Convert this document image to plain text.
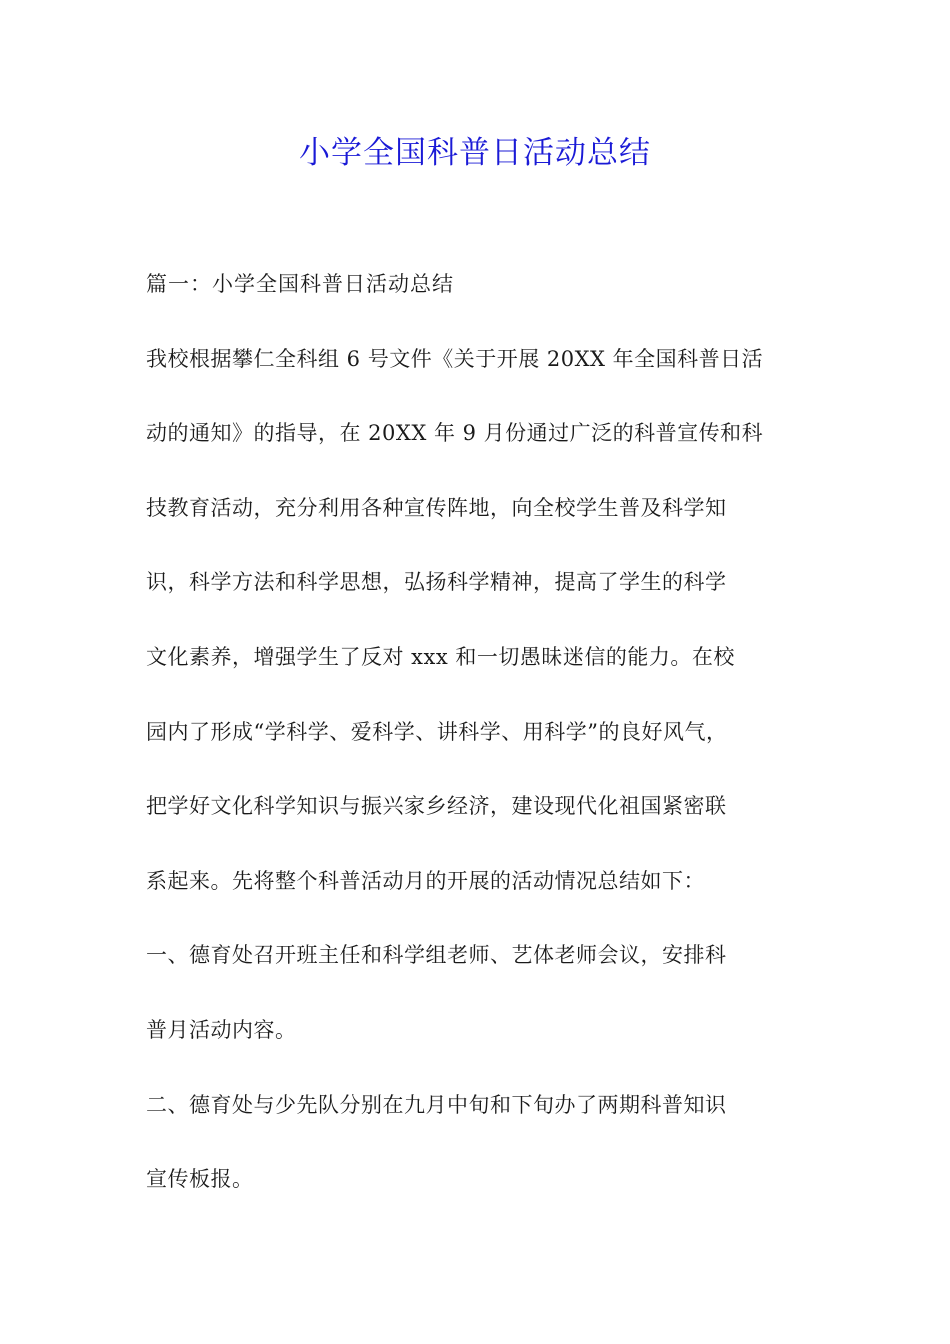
小学全国科普日活动总结
篇一：小学全国科普日活动总结
我校根据攀仁全科组 6 号文件《关于开展 20XX 年全国科普日活
动的通知》的指导，在 20XX 年 9 月份通过广泛的科普宣传和科
技教育活动，充分利用各种宣传阵地，向全校学生普及科学知
识，科学方法和科学思想，弘扬科学精神，提高了学生的科学
文化素养，增强学生了反对 xxx 和一切愚昧迷信的能力。在校
园内了形成“学科学、爱科学、讲科学、用科学”的良好风气，
把学好文化科学知识与振兴家乡经济，建设现代化祖国紧密联
系起来。先将整个科普活动月的开展的活动情况总结如下：
一、德育处召开班主任和科学组老师、艺体老师会议，安排科
普月活动内容。
二、德育处与少先队分别在九月中旬和下旬办了两期科普知识
宣传板报。
